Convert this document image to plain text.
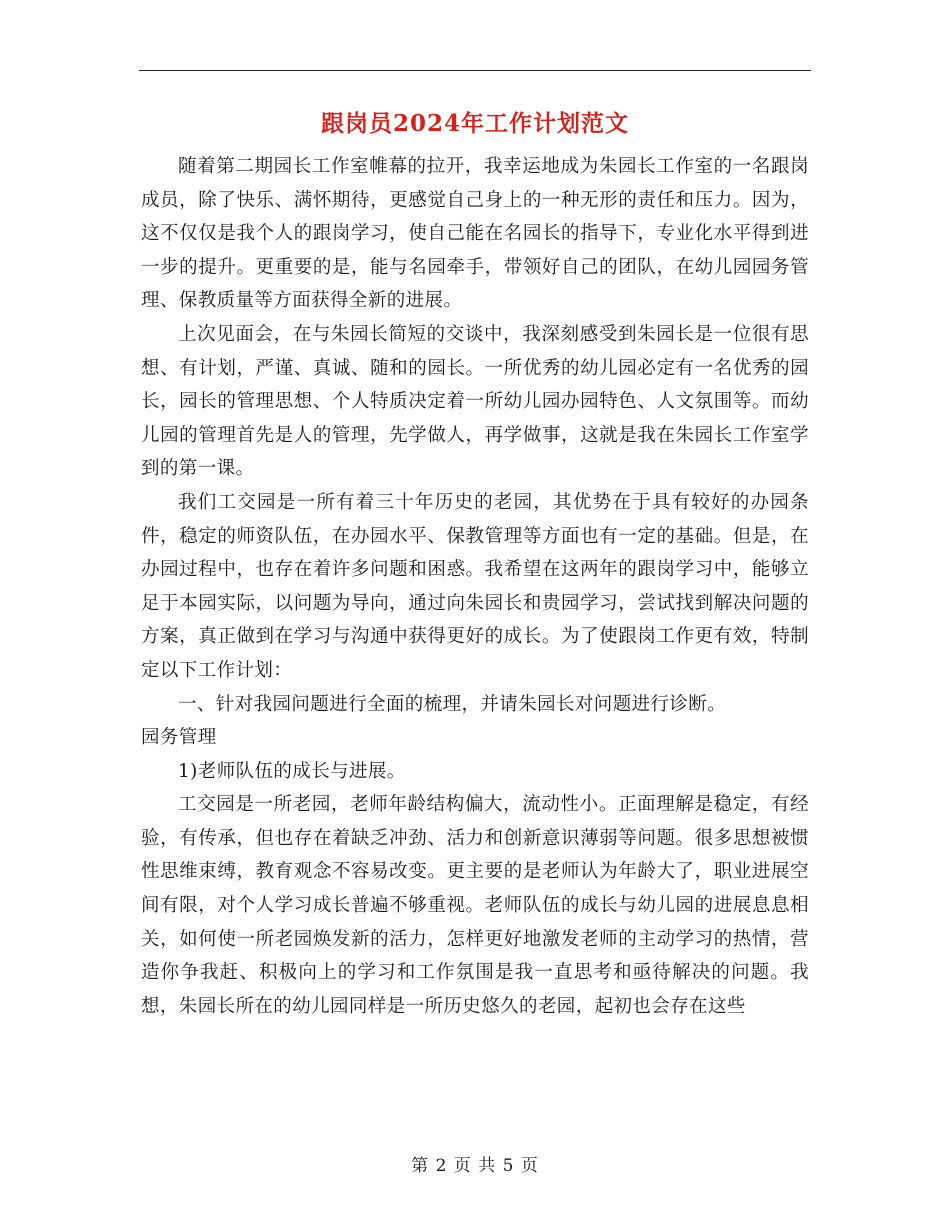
跟岗员2024年工作计划范文

随着第二期园长工作室帷幕的拉开，我幸运地成为朱园长工作室的一名跟岗成员，除了快乐、满怀期待，更感觉自己身上的一种无形的责任和压力。因为，这不仅仅是我个人的跟岗学习，使自己能在名园长的指导下，专业化水平得到进一步的提升。更重要的是，能与名园牵手，带领好自己的团队，在幼儿园园务管理、保教质量等方面获得全新的进展。

上次见面会，在与朱园长简短的交谈中，我深刻感受到朱园长是一位很有思想、有计划，严谨、真诚、随和的园长。一所优秀的幼儿园必定有一名优秀的园长，园长的管理思想、个人特质决定着一所幼儿园办园特色、人文氛围等。而幼儿园的管理首先是人的管理，先学做人，再学做事，这就是我在朱园长工作室学到的第一课。

我们工交园是一所有着三十年历史的老园，其优势在于具有较好的办园条件，稳定的师资队伍，在办园水平、保教管理等方面也有一定的基础。但是，在办园过程中，也存在着许多问题和困惑。我希望在这两年的跟岗学习中，能够立足于本园实际，以问题为导向，通过向朱园长和贵园学习，尝试找到解决问题的方案，真正做到在学习与沟通中获得更好的成长。为了使跟岗工作更有效，特制定以下工作计划：

一、针对我园问题进行全面的梳理，并请朱园长对问题进行诊断。

园务管理

1)老师队伍的成长与进展。

工交园是一所老园，老师年龄结构偏大，流动性小。正面理解是稳定，有经验，有传承，但也存在着缺乏冲劲、活力和创新意识薄弱等问题。很多思想被惯性思维束缚，教育观念不容易改变。更主要的是老师认为年龄大了，职业进展空间有限，对个人学习成长普遍不够重视。老师队伍的成长与幼儿园的进展息息相关，如何使一所老园焕发新的活力，怎样更好地激发老师的主动学习的热情，营造你争我赶、积极向上的学习和工作氛围是我一直思考和亟待解决的问题。我想，朱园长所在的幼儿园同样是一所历史悠久的老园，起初也会存在这些

第 2 页 共 5 页
